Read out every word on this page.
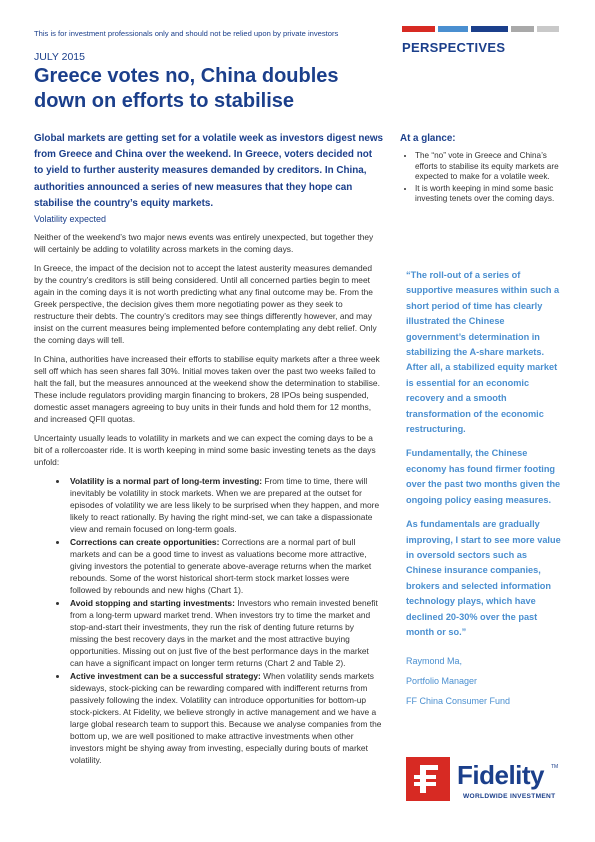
This is for investment professionals only and should not be relied upon by private investors
PERSPECTIVES
JULY 2015
Greece votes no, China doubles
down on efforts to stabilise
Global markets are getting set for a volatile week as investors digest news from Greece and China over the weekend. In Greece, voters decided not to yield to further austerity measures demanded by creditors. In China, authorities announced a series of new measures that they hope can stabilise the country’s equity markets.
Volatility expected

Neither of the weekend’s two major news events was entirely unexpected, but together they will certainly be adding to volatility across markets in the coming days.

In Greece, the impact of the decision not to accept the latest austerity measures demanded by the country’s creditors is still being considered. Until all concerned parties begin to meet again in the coming days it is not worth predicting what any final outcome may be. From the Greek perspective, the decision gives them more negotiating power as they seek to restructure their debts. The country’s creditors may see things differently however, and may insist on the current measures being implemented before contemplating any debt relief. Only the coming days will tell.

In China, authorities have increased their efforts to stabilise equity markets after a three week sell off which has seen shares fall 30%. Initial moves taken over the past two weeks failed to halt the fall, but the measures announced at the weekend show the determination to stabilise. These include regulators providing margin financing to brokers, 28 IPOs being suspended, domestic asset managers agreeing to buy units in their funds and hold them for 12 months, and increased QFII quotas.

Uncertainty usually leads to volatility in markets and we can expect the coming days to be a bit of a rollercoaster ride. It is worth keeping in mind some basic investing tenets as the days unfold:

• Volatility is a normal part of long-term investing: From time to time, there will inevitably be volatility in stock markets. When we are prepared at the outset for episodes of volatility we are less likely to be surprised when they happen, and more likely to react rationally. By having the right mind-set, we can take a dispassionate view and remain focused on long-term goals.
• Corrections can create opportunities: Corrections are a normal part of bull markets and can be a good time to invest as valuations become more attractive, giving investors the potential to generate above-average returns when the market rebounds. Some of the worst historical short-term stock market losses were followed by rebounds and new highs (Chart 1).
• Avoid stopping and starting investments: Investors who remain invested benefit from a long-term upward market trend. When investors try to time the market and stop-and-start their investments, they run the risk of denting future returns by missing the best recovery days in the market and the most attractive buying opportunities. Missing out on just five of the best performance days in the market can have a significant impact on longer term returns (Chart 2 and Table 2).
• Active investment can be a successful strategy: When volatility sends markets sideways, stock-picking can be rewarding compared with indifferent returns from passively following the index. Volatility can introduce opportunities for bottom-up stock-pickers. At Fidelity, we believe strongly in active management and we have a large global research team to support this. Because we analyse companies from the bottom up, we are well positioned to make attractive investments when other investors might be shying away from investing, especially during bouts of market volatility.
At a glance:
• The “no” vote in Greece and China’s efforts to stabilise its equity markets are expected to make for a volatile week.
• It is worth keeping in mind some basic investing tenets over the coming days.

“The roll-out of a series of supportive measures within such a short period of time has clearly illustrated the Chinese government’s determination in stabilizing the A-share markets. After all, a stabilized equity market is essential for an economic recovery and a smooth transformation of the economic restructuring.

Fundamentally, the Chinese economy has found firmer footing over the past two months given the ongoing policy easing measures.

As fundamentals are gradually improving, I start to see more value in oversold sectors such as Chinese insurance companies, brokers and selected information technology plays, which have declined 20-30% over the past month or so.”

Raymond Ma,
Portfolio Manager
FF China Consumer Fund
Fidelity TM
WORLDWIDE INVESTMENT
